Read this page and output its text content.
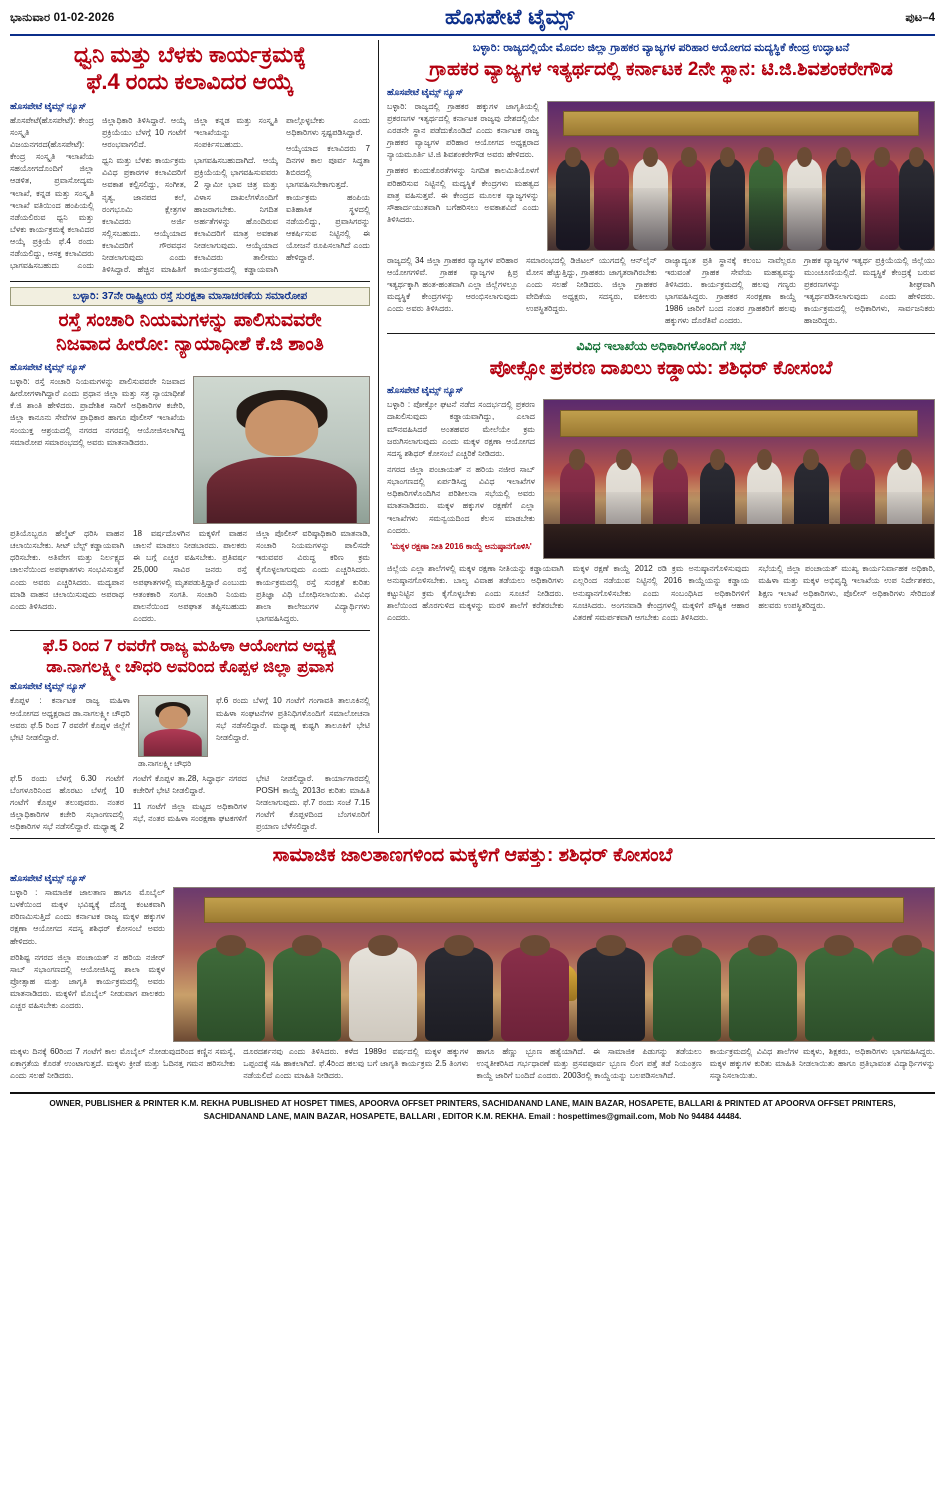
ಭಾನುವಾರ 01-02-2026	ಹೊಸಪೇಟೆ ಟೈಮ್ಸ್	ಪುಟ–4
ಧ್ವನಿ ಮತ್ತು ಬೆಳಕು ಕಾರ್ಯಕ್ರಮಕ್ಕೆ
ಫೆ.4 ರಂದು ಕಲಾವಿದರ ಆಯ್ಕೆ
ಹೊಸಪೇಟೆ ಟೈಮ್ಸ್ ನ್ಯೂಸ್

ಹೊಸಪೇಟೆ(ಹೊಸಪೇಟೆ): ಕೇಂದ್ರ ಸಂಸ್ಕೃತಿ ವಿಜಯನಗರದ(ಹೊಸಪೇಟೆ): ಕೇಂದ್ರ ಸಂಸ್ಕೃತಿ ಇಲಾಖೆಯ ಸಹಯೋಗದೊಂದಿಗೆ ಜಿಲ್ಲಾ ಆಡಳಿತ, ಪ್ರವಾಸೋದ್ಯಮ ಇಲಾಖೆ, ಕನ್ನಡ ಮತ್ತು ಸಂಸ್ಕೃತಿ ಇಲಾಖೆ ವತಿಯಿಂದ ಹಂಪಿಯಲ್ಲಿ ನಡೆಯಲಿರುವ ಧ್ವನಿ ಮತ್ತು ಬೆಳಕು ಕಾರ್ಯಕ್ರಮಕ್ಕೆ ಕಲಾವಿದರ ಆಯ್ಕೆ ಪ್ರಕ್ರಿಯೆ ಫೆ.4 ರಂದು ನಡೆಯಲಿದ್ದು, ಆಸಕ್ತ ಕಲಾವಿದರು ಭಾಗವಹಿಸಬಹುದು ಎಂದು ಜಿಲ್ಲಾಧಿಕಾರಿ ತಿಳಿಸಿದ್ದಾರೆ. ಆಯ್ಕೆ ಪ್ರಕ್ರಿಯೆಯು ಬೆಳಗ್ಗೆ 10 ಗಂಟೆಗೆ ಆರಂಭವಾಗಲಿದೆ.

ಧ್ವನಿ ಮತ್ತು ಬೆಳಕು ಕಾರ್ಯಕ್ರಮ ವಿವಿಧ ಪ್ರಕಾರಗಳ ಕಲಾವಿದರಿಗೆ ಅವಕಾಶ ಕಲ್ಪಿಸಲಿದ್ದು, ಸಂಗೀತ, ನೃತ್ಯ, ಜಾನಪದ ಕಲೆ, ರಂಗಭೂಮಿ ಕ್ಷೇತ್ರಗಳ ಕಲಾವಿದರು ಅರ್ಜಿ ಸಲ್ಲಿಸಬಹುದು. ಆಯ್ಕೆಯಾದ ಕಲಾವಿದರಿಗೆ ಗೌರವಧನ ನೀಡಲಾಗುವುದು ಎಂದು ತಿಳಿಸಿದ್ದಾರೆ. ಹೆಚ್ಚಿನ ಮಾಹಿತಿಗೆ ಜಿಲ್ಲಾ ಕನ್ನಡ ಮತ್ತು ಸಂಸ್ಕೃತಿ ಇಲಾಖೆಯನ್ನು ಸಂಪರ್ಕಿಸಬಹುದು.

ಭಾಗವಹಿಸಬಹುದಾಗಿದೆ. ಆಯ್ಕೆ ಪ್ರಕ್ರಿಯೆಯಲ್ಲಿ ಭಾಗವಹಿಸುವವರು 2 ಸ್ವಾಮೀ ಭಾವ ಚಿತ್ರ ಮತ್ತು ವಿಳಾಸ ದಾಖಲೆಗಳೊಂದಿಗೆ ಹಾಜರಾಗಬೇಕು. ನಿಗದಿತ ಅರ್ಹತೆಗಳನ್ನು ಹೊಂದಿರುವ ಕಲಾವಿದರಿಗೆ ಮಾತ್ರ ಅವಕಾಶ ನೀಡಲಾಗುವುದು. ಆಯ್ಕೆಯಾದ ಕಲಾವಿದರು ತಾಲೀಮು ಕಾರ್ಯಕ್ರಮದಲ್ಲಿ ಕಡ್ಡಾಯವಾಗಿ ಪಾಲ್ಗೊಳ್ಳಬೇಕು ಎಂದು ಅಧಿಕಾರಿಗಳು ಸ್ಪಷ್ಟಪಡಿಸಿದ್ದಾರೆ.

ಆಯ್ಕೆಯಾದ ಕಲಾವಿದರು 7 ದಿನಗಳ ಕಾಲ ಪೂರ್ವ ಸಿದ್ಧತಾ ಶಿಬಿರದಲ್ಲಿ ಭಾಗವಹಿಸಬೇಕಾಗುತ್ತದೆ. ಕಾರ್ಯಕ್ರಮ ಹಂಪಿಯ ಐತಿಹಾಸಿಕ ಸ್ಥಳದಲ್ಲಿ ನಡೆಯಲಿದ್ದು, ಪ್ರವಾಸಿಗರನ್ನು ಆಕರ್ಷಿಸುವ ನಿಟ್ಟಿನಲ್ಲಿ ಈ ಯೋಜನೆ ರೂಪಿಸಲಾಗಿದೆ ಎಂದು ಹೇಳಿದ್ದಾರೆ.

ಬಳ್ಳಾರಿ: 37ನೇ ರಾಷ್ಟ್ರೀಯ ರಸ್ತೆ ಸುರಕ್ಷತಾ ಮಾಸಾಚರಣೆಯ ಸಮಾರೋಪ
ರಸ್ತೆ ಸಂಚಾರಿ ನಿಯಮಗಳನ್ನು ಪಾಲಿಸುವವರೇ
ನಿಜವಾದ ಹೀರೋ: ನ್ಯಾಯಾಧೀಶೆ ಕೆ.ಜಿ ಶಾಂತಿ
ಹೊಸಪೇಟೆ ಟೈಮ್ಸ್ ನ್ಯೂಸ್

ಬಳ್ಳಾರಿ: ರಸ್ತೆ ಸಂಚಾರಿ ನಿಯಮಗಳನ್ನು ಪಾಲಿಸುವವರೇ ನಿಜವಾದ ಹೀರೋಗಳಾಗಿದ್ದಾರೆ ಎಂದು ಪ್ರಧಾನ ಜಿಲ್ಲಾ ಮತ್ತು ಸತ್ರ ನ್ಯಾಯಾಧೀಶೆ ಕೆ.ಜಿ ಶಾಂತಿ ಹೇಳಿದರು. ಪ್ರಾದೇಶಿಕ ಸಾರಿಗೆ ಅಧಿಕಾರಿಗಳ ಕಚೇರಿ, ಜಿಲ್ಲಾ ಕಾನೂನು ಸೇವೆಗಳ ಪ್ರಾಧಿಕಾರ ಹಾಗೂ ಪೊಲೀಸ್ ಇಲಾಖೆಯ ಸಂಯುಕ್ತ ಆಶ್ರಯದಲ್ಲಿ ನಗರದ ನಗರದಲ್ಲಿ ಆಯೋಜಿಸಲಾಗಿದ್ದ ಸಮಾರೋಪ ಸಮಾರಂಭದಲ್ಲಿ ಅವರು ಮಾತನಾಡಿದರು.

ಪ್ರತಿಯೊಬ್ಬರೂ ಹೆಲ್ಮೆಟ್ ಧರಿಸಿ ವಾಹನ ಚಲಾಯಿಸಬೇಕು. ಸೀಟ್ ಬೆಲ್ಟ್ ಕಡ್ಡಾಯವಾಗಿ ಧರಿಸಬೇಕು. ಅತಿವೇಗ ಮತ್ತು ನಿರ್ಲಕ್ಷ್ಯದ ಚಾಲನೆಯಿಂದ ಅಪಘಾತಗಳು ಸಂಭವಿಸುತ್ತವೆ ಎಂದು ಅವರು ಎಚ್ಚರಿಸಿದರು. ಮದ್ಯಪಾನ ಮಾಡಿ ವಾಹನ ಚಲಾಯಿಸುವುದು ಅಪರಾಧ ಎಂದು ತಿಳಿಸಿದರು.

18 ವರ್ಷದೊಳಗಿನ ಮಕ್ಕಳಿಗೆ ವಾಹನ ಚಾಲನೆ ಮಾಡಲು ನೀಡಬಾರದು. ಪಾಲಕರು ಈ ಬಗ್ಗೆ ಎಚ್ಚರ ವಹಿಸಬೇಕು. ಪ್ರತಿವರ್ಷ 25,000 ಸಾವಿರ ಜನರು ರಸ್ತೆ ಅಪಘಾತಗಳಲ್ಲಿ ಮೃತಪಡುತ್ತಿದ್ದಾರೆ ಎಂಬುದು ಆತಂಕಕಾರಿ ಸಂಗತಿ. ಸಂಚಾರಿ ನಿಯಮ ಪಾಲನೆಯಿಂದ ಅಪಘಾತ ತಪ್ಪಿಸಬಹುದು ಎಂದರು.

ಜಿಲ್ಲಾ ಪೊಲೀಸ್ ವರಿಷ್ಠಾಧಿಕಾರಿ ಮಾತನಾಡಿ, ಸಂಚಾರಿ ನಿಯಮಗಳನ್ನು ಪಾಲಿಸದೇ ಇರುವವರ ವಿರುದ್ಧ ಕಠಿಣ ಕ್ರಮ ಕೈಗೊಳ್ಳಲಾಗುವುದು ಎಂದು ಎಚ್ಚರಿಸಿದರು. ಕಾರ್ಯಕ್ರಮದಲ್ಲಿ ರಸ್ತೆ ಸುರಕ್ಷತೆ ಕುರಿತು ಪ್ರತಿಜ್ಞಾ ವಿಧಿ ಬೋಧಿಸಲಾಯಿತು. ವಿವಿಧ ಶಾಲಾ ಕಾಲೇಜುಗಳ ವಿದ್ಯಾರ್ಥಿಗಳು ಭಾಗವಹಿಸಿದ್ದರು.

ಫೆ.5 ರಿಂದ 7 ರವರೆಗೆ ರಾಜ್ಯ ಮಹಿಳಾ ಆಯೋಗದ ಅಧ್ಯಕ್ಷೆ
ಡಾ.ನಾಗಲಕ್ಷ್ಮೀ ಚೌಧರಿ ಅವರಿಂದ ಕೊಪ್ಪಳ ಜಿಲ್ಲಾ ಪ್ರವಾಸ
ಹೊಸಪೇಟೆ ಟೈಮ್ಸ್ ನ್ಯೂಸ್

ಕೊಪ್ಪಳ : ಕರ್ನಾಟಕ ರಾಜ್ಯ ಮಹಿಳಾ ಆಯೋಗದ ಅಧ್ಯಕ್ಷರಾದ ಡಾ.ನಾಗಲಕ್ಷ್ಮೀ ಚೌಧರಿ ಅವರು ಫೆ.5 ರಿಂದ 7 ರವರೆಗೆ ಕೊಪ್ಪಳ ಜಿಲ್ಲೆಗೆ ಭೇಟಿ ನೀಡಲಿದ್ದಾರೆ.

ಡಾ.ನಾಗಲಕ್ಷ್ಮೀ ಚೌಧರಿ

ಫೆ.6 ರಂದು ಬೆಳಗ್ಗೆ 10 ಗಂಟೆಗೆ ಗಂಗಾವತಿ ತಾಲೂಕಿನಲ್ಲಿ ಮಹಿಳಾ ಸಂಘಟನೆಗಳ ಪ್ರತಿನಿಧಿಗಳೊಂದಿಗೆ ಸಮಾಲೋಚನಾ ಸಭೆ ನಡೆಸಲಿದ್ದಾರೆ. ಮಧ್ಯಾಹ್ನ ಕುಷ್ಟಗಿ ತಾಲೂಕಿಗೆ ಭೇಟಿ ನೀಡಲಿದ್ದಾರೆ.

ಫೆ.5 ರಂದು ಬೆಳಗ್ಗೆ 6.30 ಗಂಟೆಗೆ ಬೆಂಗಳೂರಿನಿಂದ ಹೊರಟು ಬೆಳಗ್ಗೆ 10 ಗಂಟೆಗೆ ಕೊಪ್ಪಳ ತಲುಪುವರು. ನಂತರ ಜಿಲ್ಲಾಧಿಕಾರಿಗಳ ಕಚೇರಿ ಸಭಾಂಗಣದಲ್ಲಿ ಅಧಿಕಾರಿಗಳ ಸಭೆ ನಡೆಸಲಿದ್ದಾರೆ. ಮಧ್ಯಾಹ್ನ 2 ಗಂಟೆಗೆ ಕೊಪ್ಪಳ ತಾ.28, ಸಿದ್ಧಾರ್ಥ ನಗರದ ಕಚೇರಿಗೆ ಭೇಟಿ ನೀಡಲಿದ್ದಾರೆ.

11 ಗಂಟೆಗೆ ಜಿಲ್ಲಾ ಮಟ್ಟದ ಅಧಿಕಾರಿಗಳ ಸಭೆ, ನಂತರ ಮಹಿಳಾ ಸಂರಕ್ಷಣಾ ಘಟಕಗಳಿಗೆ ಭೇಟಿ ನೀಡಲಿದ್ದಾರೆ. ಕಾರ್ಯಾಗಾರದಲ್ಲಿ POSH ಕಾಯ್ದೆ 2013ರ ಕುರಿತು ಮಾಹಿತಿ ನೀಡಲಾಗುವುದು. ಫೆ.7 ರಂದು ಸಂಜೆ 7.15 ಗಂಟೆಗೆ ಕೊಪ್ಪಳದಿಂದ ಬೆಂಗಳೂರಿಗೆ ಪ್ರಯಾಣ ಬೆಳೆಸಲಿದ್ದಾರೆ.

ಬಳ್ಳಾರಿ: ರಾಜ್ಯದಲ್ಲಿಯೇ ಮೊದಲ ಜಿಲ್ಲಾ ಗ್ರಾಹಕರ ವ್ಯಾಜ್ಯಗಳ ಪರಿಹಾರ ಆಯೋಗದ ಮದ್ಯಸ್ಥಿಕೆ ಕೇಂದ್ರ ಉದ್ಘಾಟನೆ
ಗ್ರಾಹಕರ ವ್ಯಾಜ್ಯಗಳ ಇತ್ಯರ್ಥದಲ್ಲಿ ಕರ್ನಾಟಕ 2ನೇ ಸ್ಥಾನ: ಟಿ.ಜಿ.ಶಿವಶಂಕರೇಗೌಡ
ಹೊಸಪೇಟೆ ಟೈಮ್ಸ್ ನ್ಯೂಸ್

ಬಳ್ಳಾರಿ: ರಾಜ್ಯದಲ್ಲಿ ಗ್ರಾಹಕರ ಹಕ್ಕುಗಳ ಜಾಗೃತಿಯಲ್ಲಿ ಪ್ರಕರಣಗಳ ಇತ್ಯರ್ಥದಲ್ಲಿ ಕರ್ನಾಟಕ ರಾಜ್ಯವು ದೇಶದಲ್ಲಿಯೇ ಎರಡನೇ ಸ್ಥಾನ ಪಡೆದುಕೊಂಡಿದೆ ಎಂದು ಕರ್ನಾಟಕ ರಾಜ್ಯ ಗ್ರಾಹಕರ ವ್ಯಾಜ್ಯಗಳ ಪರಿಹಾರ ಆಯೋಗದ ಅಧ್ಯಕ್ಷರಾದ ನ್ಯಾಯಮೂರ್ತಿ ಟಿ.ಜಿ ಶಿವಶಂಕರೇಗೌಡ ಅವರು ಹೇಳಿದರು.

ಗ್ರಾಹಕರ ಕುಂದುಕೊರತೆಗಳನ್ನು ನಿಗದಿತ ಕಾಲಮಿತಿಯೊಳಗೆ ಪರಿಹರಿಸುವ ನಿಟ್ಟಿನಲ್ಲಿ ಮದ್ಯಸ್ಥಿಕೆ ಕೇಂದ್ರಗಳು ಮಹತ್ವದ ಪಾತ್ರ ವಹಿಸುತ್ತವೆ. ಈ ಕೇಂದ್ರದ ಮೂಲಕ ವ್ಯಾಜ್ಯಗಳನ್ನು ಸೌಹಾರ್ದಯುತವಾಗಿ ಬಗೆಹರಿಸಲು ಅವಕಾಶವಿದೆ ಎಂದು ತಿಳಿಸಿದರು.

ರಾಜ್ಯದಲ್ಲಿ 34 ಜಿಲ್ಲಾ ಗ್ರಾಹಕರ ವ್ಯಾಜ್ಯಗಳ ಪರಿಹಾರ ಆಯೋಗಗಳಿವೆ. ಗ್ರಾಹಕ ವ್ಯಾಜ್ಯಗಳ ಕ್ಷಿಪ್ರ ಇತ್ಯರ್ಥಕ್ಕಾಗಿ ಹಂತ-ಹಂತವಾಗಿ ಎಲ್ಲಾ ಜಿಲ್ಲೆಗಳಲ್ಲೂ ಮದ್ಯಸ್ಥಿಕೆ ಕೇಂದ್ರಗಳನ್ನು ಆರಂಭಿಸಲಾಗುವುದು ಎಂದು ಅವರು ತಿಳಿಸಿದರು.

ಸಮಾರಂಭದಲ್ಲಿ ಡಿಜಿಟಲ್ ಯುಗದಲ್ಲಿ ಆನ್‌ಲೈನ್ ಮೋಸ ಹೆಚ್ಚುತ್ತಿದ್ದು, ಗ್ರಾಹಕರು ಜಾಗೃತರಾಗಿರಬೇಕು ಎಂದು ಸಲಹೆ ನೀಡಿದರು. ಜಿಲ್ಲಾ ಗ್ರಾಹಕರ ವೇದಿಕೆಯ ಅಧ್ಯಕ್ಷರು, ಸದಸ್ಯರು, ವಕೀಲರು ಉಪಸ್ಥಿತರಿದ್ದರು.

ರಾಜ್ಯಾದ್ಯಂತ ಪ್ರತಿ ಸ್ಥಾನಕ್ಕೆ ಕಲಂಬ ನಾವೆಲ್ಲರೂ ಇರುವಂತೆ ಗ್ರಾಹಕ ಸೇವೆಯ ಮಹತ್ವವನ್ನು ತಿಳಿಸಿದರು. ಕಾರ್ಯಕ್ರಮದಲ್ಲಿ ಹಲವು ಗಣ್ಯರು ಭಾಗವಹಿಸಿದ್ದರು. ಗ್ರಾಹಕರ ಸಂರಕ್ಷಣಾ ಕಾಯ್ದೆ 1986 ಜಾರಿಗೆ ಬಂದ ನಂತರ ಗ್ರಾಹಕರಿಗೆ ಹಲವು ಹಕ್ಕುಗಳು ದೊರೆತಿವೆ ಎಂದರು.

ಗ್ರಾಹಕ ವ್ಯಾಜ್ಯಗಳ ಇತ್ಯರ್ಥ ಪ್ರಕ್ರಿಯೆಯಲ್ಲಿ ಜಿಲ್ಲೆಯು ಮುಂಚೂಣಿಯಲ್ಲಿದೆ. ಮದ್ಯಸ್ಥಿಕೆ ಕೇಂದ್ರಕ್ಕೆ ಬರುವ ಪ್ರಕರಣಗಳನ್ನು ಶೀಘ್ರವಾಗಿ ಇತ್ಯರ್ಥಪಡಿಸಲಾಗುವುದು ಎಂದು ಹೇಳಿದರು. ಕಾರ್ಯಕ್ರಮದಲ್ಲಿ ಅಧಿಕಾರಿಗಳು, ಸಾರ್ವಜನಿಕರು ಹಾಜರಿದ್ದರು.

ವಿವಿಧ ಇಲಾಖೆಯ ಅಧಿಕಾರಿಗಳೊಂದಿಗೆ ಸಭೆ
ಪೋಕ್ಸೋ ಪ್ರಕರಣ ದಾಖಲು ಕಡ್ಡಾಯ: ಶಶಿಧರ್ ಕೋಸಂಬೆ
ಹೊಸಪೇಟೆ ಟೈಮ್ಸ್ ನ್ಯೂಸ್

ಬಳ್ಳಾರಿ : ಪೋಕ್ಸೋ ಘಟನೆ ನಡೆದ ಸಂದರ್ಭದಲ್ಲಿ ಪ್ರಕರಣ ದಾಖಲಿಸುವುದು ಕಡ್ಡಾಯವಾಗಿದ್ದು, ಎಲಾದ ಮೌನವಹಿಸಿದರೆ ಅಂತಹವರ ಮೇಲೆಯೇ ಕ್ರಮ ಜರುಗಿಸಲಾಗುವುದು ಎಂದು ಮಕ್ಕಳ ರಕ್ಷಣಾ ಆಯೋಗದ ಸದಸ್ಯ ಶಶಿಧರ್ ಕೋಸಂಬೆ ಎಚ್ಚರಿಕೆ ನೀಡಿದರು.

ನಗರದ ಜಿಲ್ಲಾ ಪಂಚಾಯತ್ ನ ಹರಿಯ ನಜೀರ ಸಾಬ್ ಸಭಾಂಗಣದಲ್ಲಿ ಏರ್ಪಡಿಸಿದ್ದ ವಿವಿಧ ಇಲಾಖೆಗಳ ಅಧಿಕಾರಿಗಳೊಂದಿಗಿನ ಪರಿಶೀಲನಾ ಸಭೆಯಲ್ಲಿ ಅವರು ಮಾತನಾಡಿದರು. ಮಕ್ಕಳ ಹಕ್ಕುಗಳ ರಕ್ಷಣೆಗೆ ಎಲ್ಲಾ ಇಲಾಖೆಗಳು ಸಮನ್ವಯದಿಂದ ಕೆಲಸ ಮಾಡಬೇಕು ಎಂದರು.

'ಮಕ್ಕಳ ರಕ್ಷಣಾ ನೀತಿ 2016 ಕಾಯ್ದೆ ಅನುಷ್ಠಾನಗೊಳಿಸಿ'

ಜಿಲ್ಲೆಯ ಎಲ್ಲಾ ಶಾಲೆಗಳಲ್ಲಿ ಮಕ್ಕಳ ರಕ್ಷಣಾ ನೀತಿಯನ್ನು ಕಡ್ಡಾಯವಾಗಿ ಅನುಷ್ಠಾನಗೊಳಿಸಬೇಕು. ಬಾಲ್ಯ ವಿವಾಹ ತಡೆಯಲು ಅಧಿಕಾರಿಗಳು ಕಟ್ಟುನಿಟ್ಟಿನ ಕ್ರಮ ಕೈಗೊಳ್ಳಬೇಕು ಎಂದು ಸೂಚನೆ ನೀಡಿದರು. ಶಾಲೆಯಿಂದ ಹೊರಗುಳಿದ ಮಕ್ಕಳನ್ನು ಮರಳಿ ಶಾಲೆಗೆ ಕರೆತರಬೇಕು ಎಂದರು.

ಮಕ್ಕಳ ರಕ್ಷಣೆ ಕಾಯ್ದೆ 2012 ರಡಿ ಕ್ರಮ ಅನುಷ್ಠಾನಗೊಳಿಸುವುದು ಎಲ್ಲರಿಂದ ನಡೆಯುವ ನಿಟ್ಟಿನಲ್ಲಿ 2016 ಕಾಯ್ದೆಯನ್ನು ಕಡ್ಡಾಯ ಅನುಷ್ಠಾನಗೊಳಿಸಬೇಕು ಎಂದು ಸಂಬಂಧಿಸಿದ ಅಧಿಕಾರಿಗಳಿಗೆ ಸೂಚಿಸಿದರು. ಅಂಗನವಾಡಿ ಕೇಂದ್ರಗಳಲ್ಲಿ ಮಕ್ಕಳಿಗೆ ಪೌಷ್ಟಿಕ ಆಹಾರ ವಿತರಣೆ ಸಮರ್ಪಕವಾಗಿ ಆಗಬೇಕು ಎಂದು ತಿಳಿಸಿದರು.

ಸಭೆಯಲ್ಲಿ ಜಿಲ್ಲಾ ಪಂಚಾಯತ್ ಮುಖ್ಯ ಕಾರ್ಯನಿರ್ವಾಹಕ ಅಧಿಕಾರಿ, ಮಹಿಳಾ ಮತ್ತು ಮಕ್ಕಳ ಅಭಿವೃದ್ಧಿ ಇಲಾಖೆಯ ಉಪ ನಿರ್ದೇಶಕರು, ಶಿಕ್ಷಣ ಇಲಾಖೆ ಅಧಿಕಾರಿಗಳು, ಪೊಲೀಸ್ ಅಧಿಕಾರಿಗಳು ಸೇರಿದಂತೆ ಹಲವರು ಉಪಸ್ಥಿತರಿದ್ದರು.

ಸಾಮಾಜಿಕ ಜಾಲತಾಣಗಳಿಂದ ಮಕ್ಕಳಿಗೆ ಆಪತ್ತು: ಶಶಿಧರ್ ಕೋಸಂಬೆ
ಹೊಸಪೇಟೆ ಟೈಮ್ಸ್ ನ್ಯೂಸ್

ಬಳ್ಳಾರಿ : ಸಾಮಾಜಿಕ ಜಾಲತಾಣ ಹಾಗೂ ಮೊಬೈಲ್ ಬಳಕೆಯಿಂದ ಮಕ್ಕಳ ಭವಿಷ್ಯಕ್ಕೆ ದೊಡ್ಡ ಕಂಟಕವಾಗಿ ಪರಿಣಮಿಸುತ್ತಿದೆ ಎಂದು ಕರ್ನಾಟಕ ರಾಜ್ಯ ಮಕ್ಕಳ ಹಕ್ಕುಗಳ ರಕ್ಷಣಾ ಆಯೋಗದ ಸದಸ್ಯ ಶಶಿಧರ್ ಕೋಸಂಬೆ ಅವರು ಹೇಳಿದರು.

ಪರಿಶಿಷ್ಟ ನಗರದ ಜಿಲ್ಲಾ ಪಂಚಾಯತ್ ನ ಹರಿಯ ನಜೀರ್ ಸಾಬ್ ಸಭಾಂಗಣದಲ್ಲಿ ಆಯೋಜಿಸಿದ್ದ ಶಾಲಾ ಮಕ್ಕಳ ಪ್ರೋತ್ಸಾಹ ಮತ್ತು ಜಾಗೃತಿ ಕಾರ್ಯಕ್ರಮದಲ್ಲಿ ಅವರು ಮಾತನಾಡಿದರು. ಮಕ್ಕಳಿಗೆ ಮೊಬೈಲ್ ನೀಡುವಾಗ ಪಾಲಕರು ಎಚ್ಚರ ವಹಿಸಬೇಕು ಎಂದರು.

ಮಕ್ಕಳು ದಿನಕ್ಕೆ 60ರಿಂದ 7 ಗಂಟೆಗೆ ಕಾಲ ಮೊಬೈಲ್ ನೋಡುವುದರಿಂದ ಕಣ್ಣಿನ ಸಮಸ್ಯೆ, ಏಕಾಗ್ರತೆಯ ಕೊರತೆ ಉಂಟಾಗುತ್ತದೆ. ಮಕ್ಕಳು ಕ್ರೀಡೆ ಮತ್ತು ಓದಿನತ್ತ ಗಮನ ಹರಿಸಬೇಕು ಎಂದು ಸಲಹೆ ನೀಡಿದರು.

ದೂರದರ್ಶನವು ಎಂದು ತಿಳಿಸಿದರು. ಕಳೆದ 1989ರ ವರ್ಷದಲ್ಲಿ ಮಕ್ಕಳ ಹಕ್ಕುಗಳ ಒಪ್ಪಂದಕ್ಕೆ ಸಹಿ ಹಾಕಲಾಗಿದೆ. ಫೆ.4ರಿಂದ ಹಲವು ಬಗೆ ಜಾಗೃತಿ ಕಾರ್ಯಕ್ರಮ 2.5 ತಿಂಗಳು ನಡೆಯಲಿದೆ ಎಂದು ಮಾಹಿತಿ ನೀಡಿದರು.

ಹಾಗೂ ಹೆಣ್ಣು ಭ್ರೂಣ ಹತ್ಯೆಯಾಗಿದೆ. ಈ ಸಾಮಾಜಿಕ ಪಿಡುಗನ್ನು ತಡೆಯಲು ಉನ್ನತೀಕರಿಸಿದ ಗರ್ಭಧಾರಣೆ ಮತ್ತು ಪ್ರಸವಪೂರ್ವ ಭ್ರೂಣ ಲಿಂಗ ಪತ್ತೆ ತಡೆ ನಿಯಂತ್ರಣ ಕಾಯ್ದೆ ಜಾರಿಗೆ ಬಂದಿದೆ ಎಂದರು. 2003ರಲ್ಲಿ ಕಾಯ್ದೆಯನ್ನು ಬಲಪಡಿಸಲಾಗಿದೆ.

ಕಾರ್ಯಕ್ರಮದಲ್ಲಿ ವಿವಿಧ ಶಾಲೆಗಳ ಮಕ್ಕಳು, ಶಿಕ್ಷಕರು, ಅಧಿಕಾರಿಗಳು ಭಾಗವಹಿಸಿದ್ದರು. ಮಕ್ಕಳ ಹಕ್ಕುಗಳ ಕುರಿತು ಮಾಹಿತಿ ನೀಡಲಾಯಿತು ಹಾಗೂ ಪ್ರತಿಭಾವಂತ ವಿದ್ಯಾರ್ಥಿಗಳನ್ನು ಸನ್ಮಾನಿಸಲಾಯಿತು.

OWNER, PUBLISHER & PRINTER K.M. REKHA PUBLISHED AT HOSPET TIMES, APOORVA OFFSET PRINTERS, SACHIDANAND LANE, MAIN BAZAR, HOSAPETE, BALLARI & PRINTED AT APOORVA OFFSET PRINTERS,
SACHIDANAND LANE, MAIN BAZAR, HOSAPETE, BALLARI , EDITOR K.M. REKHA. Email : hospettimes@gmail.com, Mob No 94484 44484.
